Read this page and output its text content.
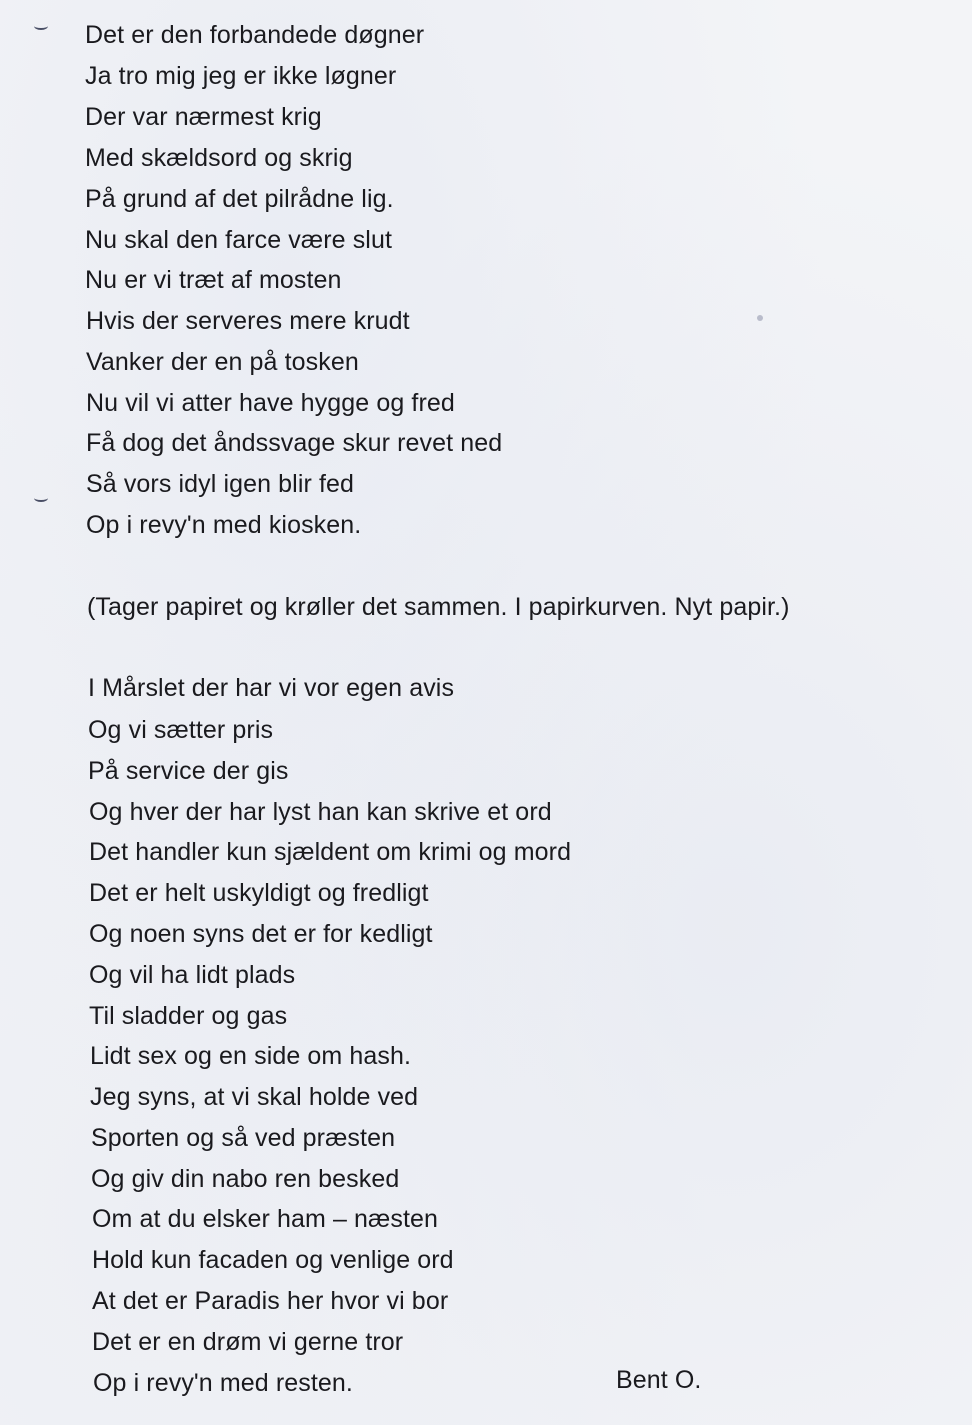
Det er den forbandede døgner
Ja tro mig jeg er ikke løgner
Der var nærmest krig
Med skældsord og skrig
På grund af det pilrådne lig.
Nu skal den farce være slut
Nu er vi træt af mosten
Hvis der serveres mere krudt
Vanker der en på tosken
Nu vil vi atter have hygge og fred
Få dog det åndssvage skur revet ned
Så vors idyl igen blir fed
Op i revy'n med kiosken.
(Tager papiret og krøller det sammen. I papirkurven. Nyt papir.)
I Mårslet der har vi vor egen avis
Og vi sætter pris
På service der gis
Og hver der har lyst han kan skrive et ord
Det handler kun sjældent om krimi og mord
Det er helt uskyldigt og fredligt
Og noen syns det er for kedligt
Og vil ha lidt plads
Til sladder og gas
Lidt sex og en side om hash.
Jeg syns, at vi skal holde ved
Sporten og så ved præsten
Og giv din nabo ren besked
Om at du elsker ham – næsten
Hold kun facaden og venlige ord
At det er Paradis her hvor vi bor
Det er en drøm vi gerne tror
Op i revy'n med resten.	Bent O.
